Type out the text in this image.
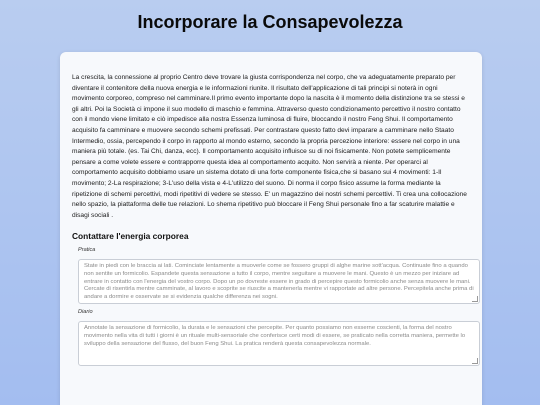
Incorporare la Consapevolezza

La crescita, la connessione al proprio Centro deve trovare la giusta corrispondenza nel corpo, che va adeguatamente preparato per diventare il contenitore della nuova energia e le informazioni riunite. Il risultato dell'applicazione di tali principi si noterà in ogni movimento corporeo, compreso nel camminare.Il primo evento importante dopo la nascita è il momento della distinzione tra se stessi e gli altri. Poi la Società ci impone il suo modello di maschio e femmina. Attraverso questo condizionamento percettivo il nostro contatto con il mondo viene limitato e ciò impedisce alla nostra Essenza luminosa di fluire, bloccando il nostro Feng Shui. Il comportamento acquisito fa camminare e muovere secondo schemi prefissati. Per contrastare questo fatto devi imparare a camminare nello Staato Intermedio, ossia, percependo il corpo in rapporto al mondo esterno, secondo la propria percezione interiore: essere nel corpo in una maniera più totale. (es. Tai Chi, danza, ecc). Il comportamento acquisito influisce su di noi fisicamente. Non potete semplicemente pensare a come volete essere e contrapporre questa idea al comportamento acquito. Non servirà a niente. Per operarci al comportamento acquisito dobbiamo usare un sistema dotato di una forte componente fisica,che si basano sui 4 movimenti: 1-Il movimento; 2-La respirazione; 3-L'uso della vista e 4-L'utilizzo del suono. Di norma il corpo fisico assume la forma mediante la ripetizione di schemi percettivi, modi ripetitivi di vedere se stesso. E' un magazzino dei nostri schemi percettivi. Ti crea una collocazione nello spazio, la piattaforma delle tue relazioni. Lo shema ripetitivo può bloccare il Feng Shui personale fino a far scaturire malattie e disagi sociali .

Contattare l'energia corporea
Pratica
State in piedi con le braccia ai lati. Cominciate lentamente a muoverle come se fossero gruppi di alghe marine sott'acqua. Continuate fino a quando non sentite un formicolio. Espandete questa sensazione a tutto il corpo, mentre seguitare a muovere le mani. Questo è un mezzo per iniziare ad entrare in contatto con l'energia del vostro corpo. Dopo un po dovreste essere in grado di percepire questo formicolio anche senza muovere le mani. Cercate di risentirla mentre camminate, al lavoro e scoprite se riuscite a mantenerla mentre vi rapportate ad altre persone. Percepitela anche prima di andare a dormire e osservate se si evidenzia qualche differenza nei sogni.
Diario
Annotate la sensazione di formicolio, la durata e le sensazioni che percepite. Per quanto possiamo non esserne coscienti, la forma del nostro movimento nella vita di tutti i giorni è un rituale multi-sensoriale che conferisce certi modi di essere, se praticato nella corretta maniera, permette lo sviluppo della sensazione del flusso, del buon Feng Shui. La pratica renderà questa consapevolezza normale.
